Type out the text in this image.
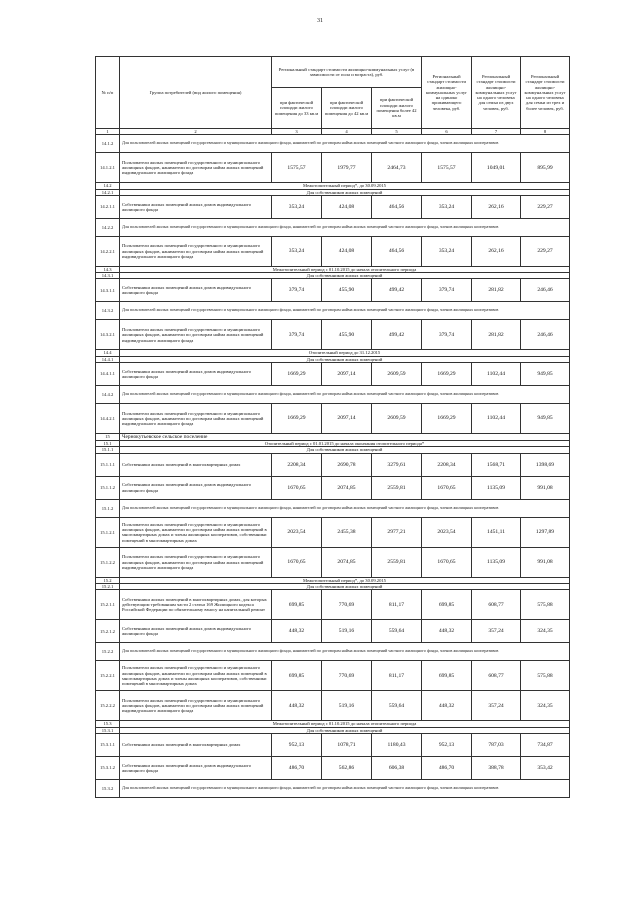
31
№ п/п	Группа потребителей (вид жилого помещения)	Региональный стандарт стоимости жилищно-коммунальных услуг (в зависимости от пола и возраста), руб.			Региональный стандарт стоимости жилищно-коммунальных услуг на одиноко проживающего человека, руб.	Региональный стандарт стоимости жилищно-коммунальных услуг на одного человека для семьи из двух человек, руб.	Региональный стандарт стоимости жилищно-коммунальных услуг на одного человека для семьи из трех и более человек, руб.
		при фактической площади жилого помещения до 33 кв.м	при фактической площади жилого помещения до 42 кв.м	при фактической площади жилого помещения более 42 кв.м			
1	2	3	4	5	6	7	8
14.1.2	Для пользователей жилых помещений государственного и муниципального жилищного фонда, нанимателей по договорам найма жилых помещений частного жилищного фонда, членов жилищных кооперативов						
14.1.2.1	Пользователи жилых помещений государственного и муниципального жилищных фондов, наниматели по договорам найма жилых помещений индивидуального жилищного фонда	1575,57	1979,77	2464,73	1575,57	1049,01	895,99
14.2	Межотопительный период*, до 30.09.2015						
14.2.1	Для собственников жилых помещений						
14.2.1.1	Собственники жилых помещений жилых домов индивидуального жилищного фонда	353,24	424,08	464,56	353,24	262,16	229,27
14.2.2	Для пользователей жилых помещений государственного и муниципального жилищного фонда, нанимателей по договорам найма жилых помещений частного жилищного фонда, членов жилищных кооперативов						
14.2.2.1	Пользователи жилых помещений государственного и муниципального жилищных фондов, наниматели по договорам найма жилых помещений индивидуального жилищного фонда	353,24	424,08	464,56	353,24	262,16	229,27
14.3	Межотопительный период с 01.10.2015 до начала отопительного периода						
14.3.1	Для собственников жилых помещений						
14.3.1.1	Собственники жилых помещений жилых домов индивидуального жилищного фонда	379,74	455,90	499,42	379,74	281,82	246,46
14.3.2	Для пользователей жилых помещений государственного и муниципального жилищного фонда, нанимателей по договорам найма жилых помещений частного жилищного фонда, членов жилищных кооперативов						
14.3.2.1	Пользователи жилых помещений государственного и муниципального жилищных фондов, наниматели по договорам найма жилых помещений индивидуального жилищного фонда	379,74	455,90	499,42	379,74	281,82	246,46
14.4	Отопительный период до 31.12.2015						
14.4.1	Для собственников жилых помещений						
14.4.1.1	Собственники жилых помещений жилых домов индивидуального жилищного фонда	1669,29	2097,14	2609,59	1669,29	1102,44	949,85
14.4.2	Для пользователей жилых помещений государственного и муниципального жилищного фонда, нанимателей по договорам найма жилых помещений частного жилищного фонда, членов жилищных кооперативов						
14.4.2.1	Пользователи жилых помещений государственного и муниципального жилищных фондов, наниматели по договорам найма жилых помещений индивидуального жилищного фонда	1669,29	2097,14	2609,59	1669,29	1102,44	949,85
15	Чернокутьевское сельское поселение						
15.1	Отопительный период с 01.01.2015 до начала окончания отопительного периода*						
15.1.1	Для собственников жилых помещений						
15.1.1.1	Собственники жилых помещений в многоквартирных домах	2208,34	2690,78	3279,61	2208,34	1568,71	1398,69
15.1.1.2	Собственники жилых помещений жилых домов индивидуального жилищного фонда	1670,65	2074,85	2559,81	1670,65	1135,09	991,08
15.1.2	Для пользователей жилых помещений государственного и муниципального жилищного фонда, нанимателей по договорам найма жилых помещений частного жилищного фонда, членов жилищных кооперативов						
15.1.2.1	Пользователи жилых помещений государственного и муниципального жилищных фондов, наниматели по договорам найма жилых помещений в многоквартирных домах и члены жилищных кооперативов, собственники помещений в многоквартирных домах	2023,54	2455,38	2977,21	2023,54	1451,11	1297,89
15.1.2.2	Пользователи жилых помещений государственного и муниципального жилищных фондов, наниматели по договорам найма жилых помещений индивидуального жилищного фонда	1670,65	2074,85	2559,81	1670,65	1135,09	991,08
15.2	Межотопительный период*, до 30.09.2015						
15.2.1	Для собственников жилых помещений						
15.2.1.1	Собственники жилых помещений в многоквартирных домах, для которых действующим требованиям части 2 статьи 169 Жилищного кодекса Российской Федерации по обязательному взносу на капитальный ремонт	699,85	770,69	811,17	699,85	608,77	575,88
15.2.1.2	Собственники жилых помещений жилых домов индивидуального жилищного фонда	448,32	519,16	559,64	448,32	357,24	324,35
15.2.2	Для пользователей жилых помещений государственного и муниципального жилищного фонда, нанимателей по договорам найма жилых помещений частного жилищного фонда, членов жилищных кооперативов						
15.2.2.1	Пользователи жилых помещений государственного и муниципального жилищных фондов, наниматели по договорам найма жилых помещений в многоквартирных домах и члены жилищных кооперативов, собственники помещений в многоквартирных домах	699,85	770,69	811,17	699,85	608,77	575,88
15.2.2.2	Пользователи жилых помещений государственного и муниципального жилищных фондов, наниматели по договорам найма жилых помещений индивидуального жилищного фонда	448,32	519,16	559,64	448,32	357,24	324,35
15.3	Межотопительный период с 01.10.2015 до начала отопительного периода						
15.3.1	Для собственников жилых помещений						
15.3.1.1	Собственники жилых помещений в многоквартирных домах	952,13	1078,71	1180,43	952,13	787,03	734,87
15.3.1.2	Собственники жилых помещений жилых домов индивидуального жилищного фонда	486,70	562,86	606,38	486,70	388,78	353,42
15.3.2	Для пользователей жилых помещений государственного и муниципального жилищного фонда, нанимателей по договорам найма жилых помещений частного жилищного фонда, членов жилищных кооперативов						
